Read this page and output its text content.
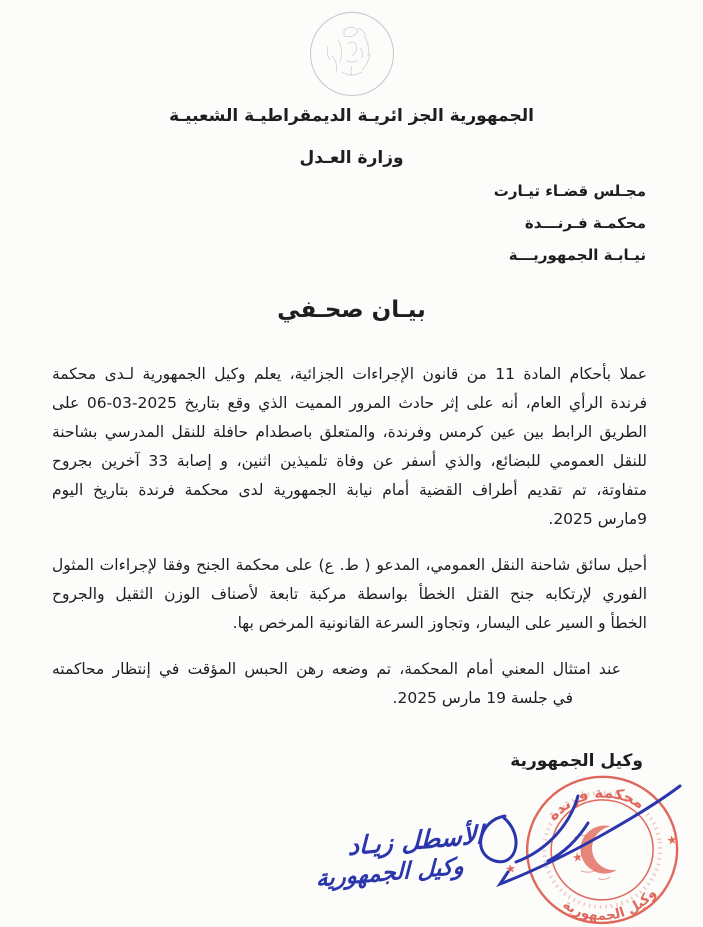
الجمهورية الجز ائريـة الديمقراطيـة الشعبيـة
وزارة العـدل
مجـلس قضـاء تيـارت
محكمـة فـرنـــدة
نيـابـة الجمهوريـــة
بيـان صحـفي
عملا بأحكام المادة 11 من قانون الإجراءات الجزائية، يعلم وكيل الجمهورية لـدى محكمة
فرندة الرأي العام، أنه على إثر حادث المرور المميت الذي وقع بتاريخ 2025-03-06 على
الطريق الرابط بين عين كرمس وفرندة، والمتعلق باصطدام حافلة للنقل المدرسي بشاحنة
للنقل العمومي للبضائع، والذي أسفر عن وفاة تلميذين اثنين، و إصابة 33 آخرين بجروح
متفاوتة، تم تقديم أطراف القضية أمام نيابة الجمهورية لدى محكمة فرندة بتاريخ اليوم
9مارس 2025.
أحيل سائق شاحنة النقل العمومي، المدعو ( ط. ع) على محكمة الجنح وفقا لإجراءات المثول
الفوري لإرتكابه جنح القتل الخطأ بواسطة مركبة تابعة لأصناف الوزن الثقيل والجروح
الخطأ و السير على اليسار، وتجاوز السرعة القانونية المرخص بها.
عند امتثال المعني أمام المحكمة، تم وضعه رهن الحبس المؤقت في إنتظار محاكمته
في جلسة 19 مارس 2025.
وكيل الجمهورية
محكمة فرندة
وكيل الجمهورية
★
★
★
الأسطل زيـاد
وكيل الجمهورية
